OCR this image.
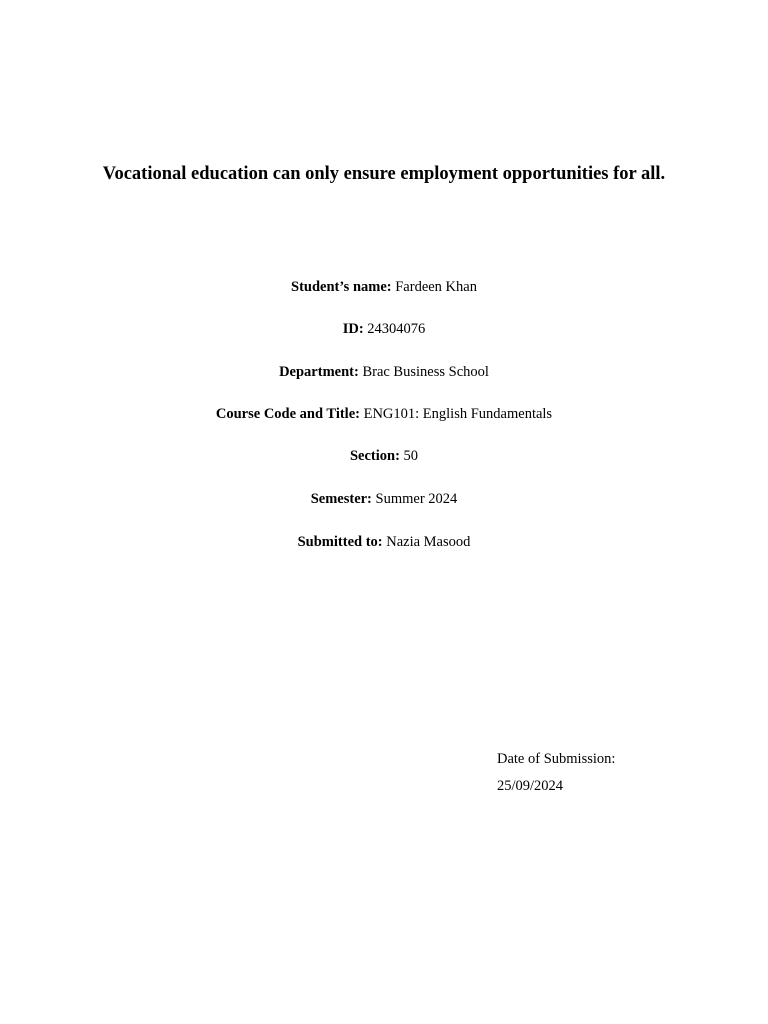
Vocational education can only ensure employment opportunities for all.
Student’s name: Fardeen Khan
ID: 24304076
Department: Brac Business School
Course Code and Title: ENG101: English Fundamentals
Section: 50
Semester: Summer 2024
Submitted to: Nazia Masood
Date of Submission:
25/09/2024
